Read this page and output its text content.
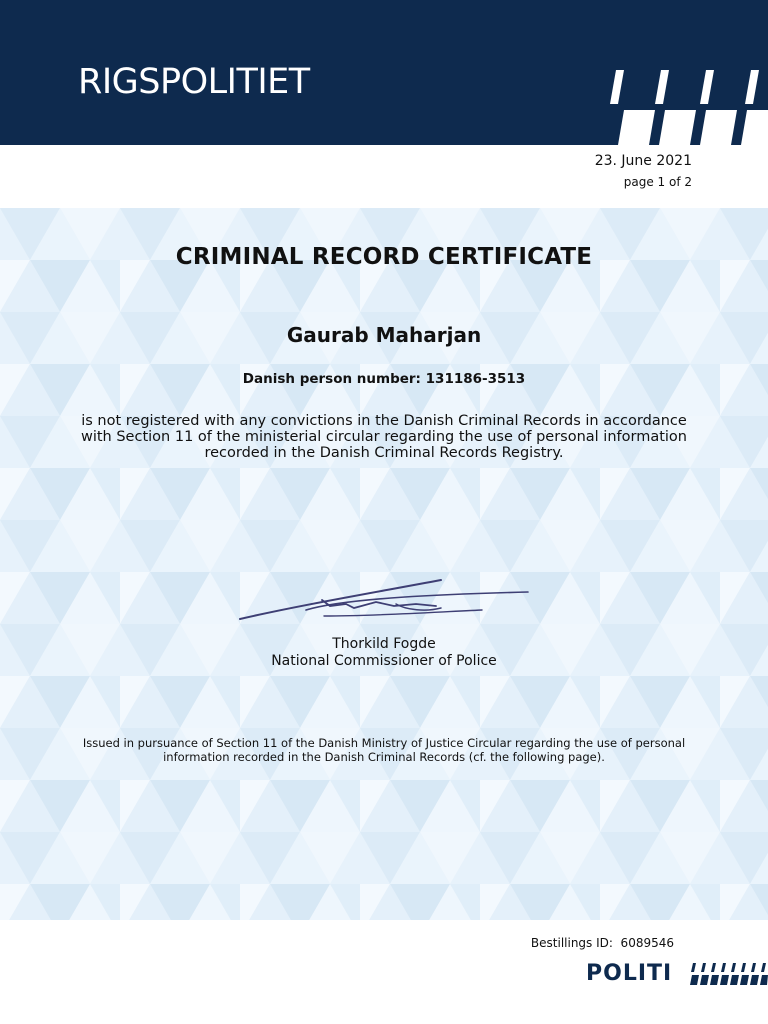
RIGSPOLITIET
23. June 2021
page 1 of 2
CRIMINAL RECORD CERTIFICATE
Gaurab Maharjan
Danish person number: 131186-3513
is not registered with any convictions in the Danish Criminal Records in accordance with Section 11 of the ministerial circular regarding the use of personal information recorded in the Danish Criminal Records Registry.
Thorkild Fogde
National Commissioner of Police
Issued in pursuance of Section 11 of the Danish Ministry of Justice Circular regarding the use of personal information recorded in the Danish Criminal Records (cf. the following page).
Bestillings ID:  6089546
POLITI
